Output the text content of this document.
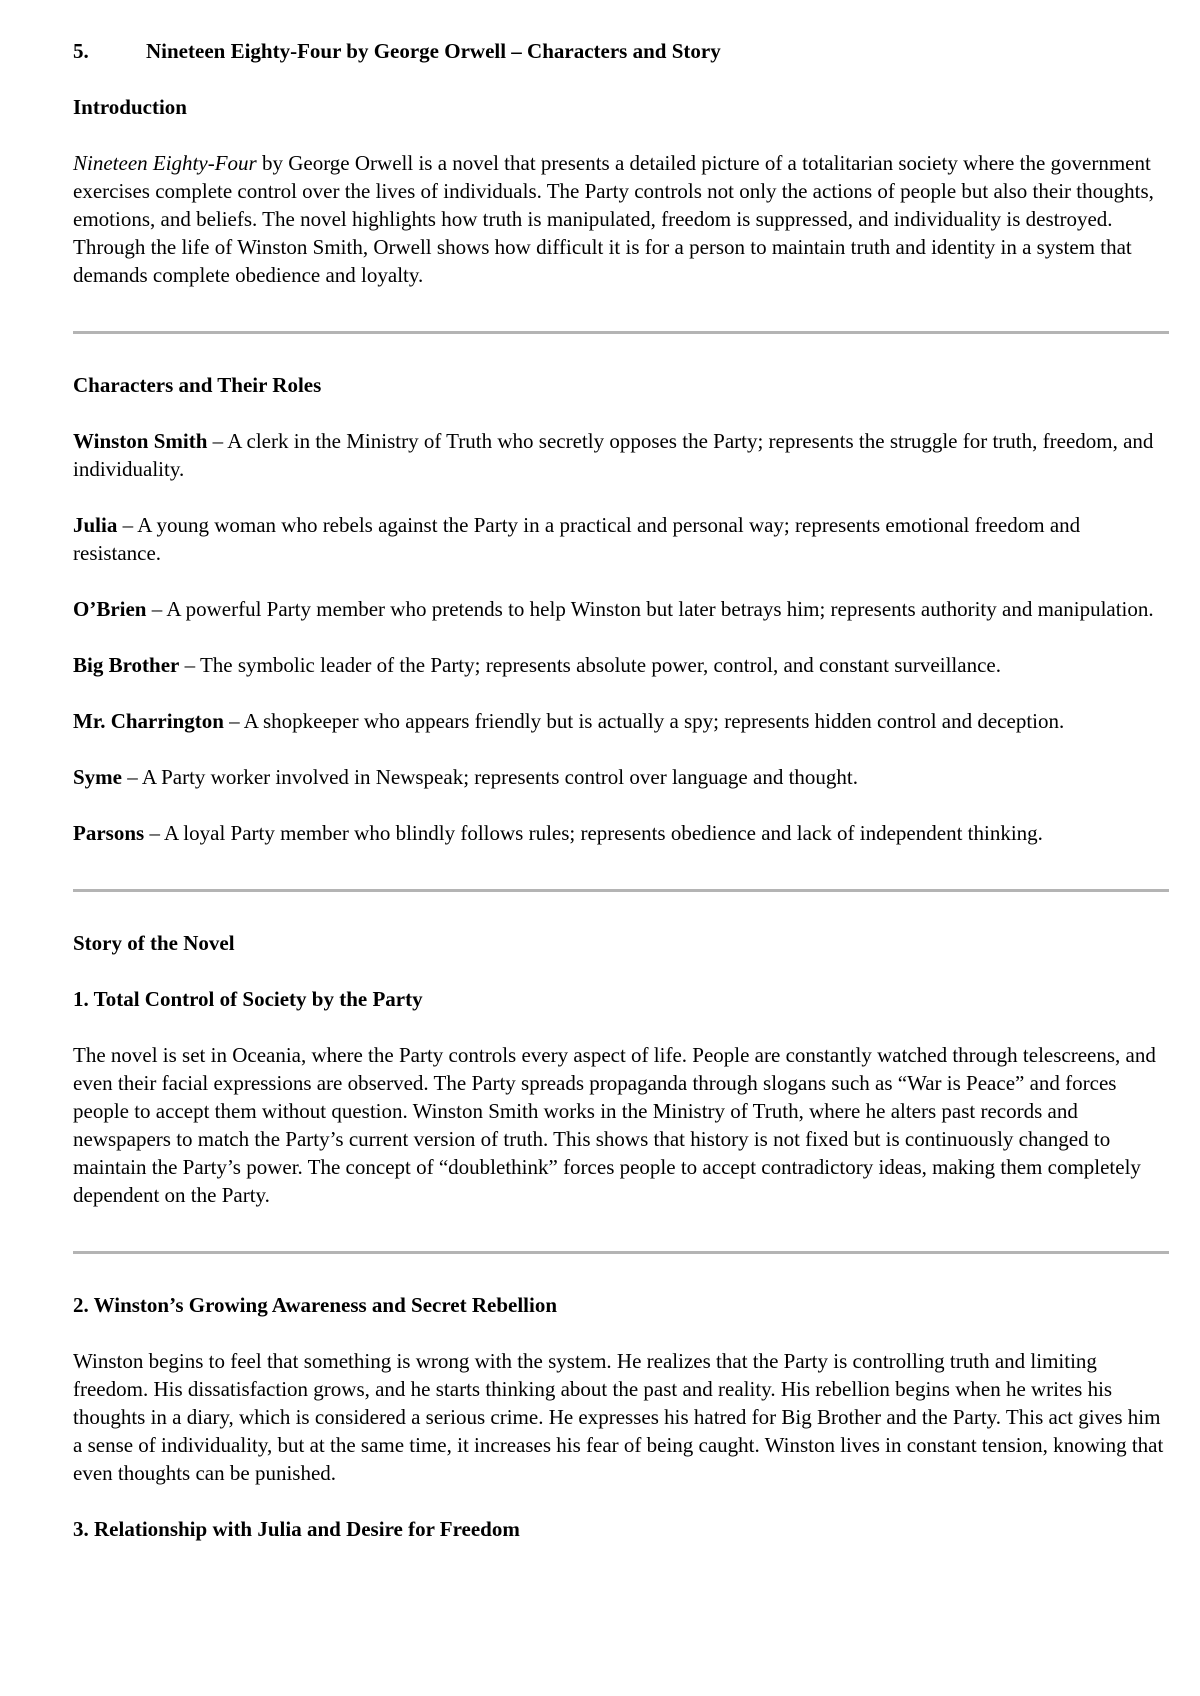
5.	Nineteen Eighty-Four by George Orwell – Characters and Story

Introduction

Nineteen Eighty-Four by George Orwell is a novel that presents a detailed picture of a totalitarian society where the government exercises complete control over the lives of individuals. The Party controls not only the actions of people but also their thoughts, emotions, and beliefs. The novel highlights how truth is manipulated, freedom is suppressed, and individuality is destroyed. Through the life of Winston Smith, Orwell shows how difficult it is for a person to maintain truth and identity in a system that demands complete obedience and loyalty.

Characters and Their Roles

Winston Smith – A clerk in the Ministry of Truth who secretly opposes the Party; represents the struggle for truth, freedom, and individuality.

Julia – A young woman who rebels against the Party in a practical and personal way; represents emotional freedom and resistance.

O’Brien – A powerful Party member who pretends to help Winston but later betrays him; represents authority and manipulation.

Big Brother – The symbolic leader of the Party; represents absolute power, control, and constant surveillance.

Mr. Charrington – A shopkeeper who appears friendly but is actually a spy; represents hidden control and deception.

Syme – A Party worker involved in Newspeak; represents control over language and thought.

Parsons – A loyal Party member who blindly follows rules; represents obedience and lack of independent thinking.

Story of the Novel

1. Total Control of Society by the Party

The novel is set in Oceania, where the Party controls every aspect of life. People are constantly watched through telescreens, and even their facial expressions are observed. The Party spreads propaganda through slogans such as “War is Peace” and forces people to accept them without question. Winston Smith works in the Ministry of Truth, where he alters past records and newspapers to match the Party’s current version of truth. This shows that history is not fixed but is continuously changed to maintain the Party’s power. The concept of “doublethink” forces people to accept contradictory ideas, making them completely dependent on the Party.

2. Winston’s Growing Awareness and Secret Rebellion

Winston begins to feel that something is wrong with the system. He realizes that the Party is controlling truth and limiting freedom. His dissatisfaction grows, and he starts thinking about the past and reality. His rebellion begins when he writes his thoughts in a diary, which is considered a serious crime. He expresses his hatred for Big Brother and the Party. This act gives him a sense of individuality, but at the same time, it increases his fear of being caught. Winston lives in constant tension, knowing that even thoughts can be punished.

3. Relationship with Julia and Desire for Freedom
